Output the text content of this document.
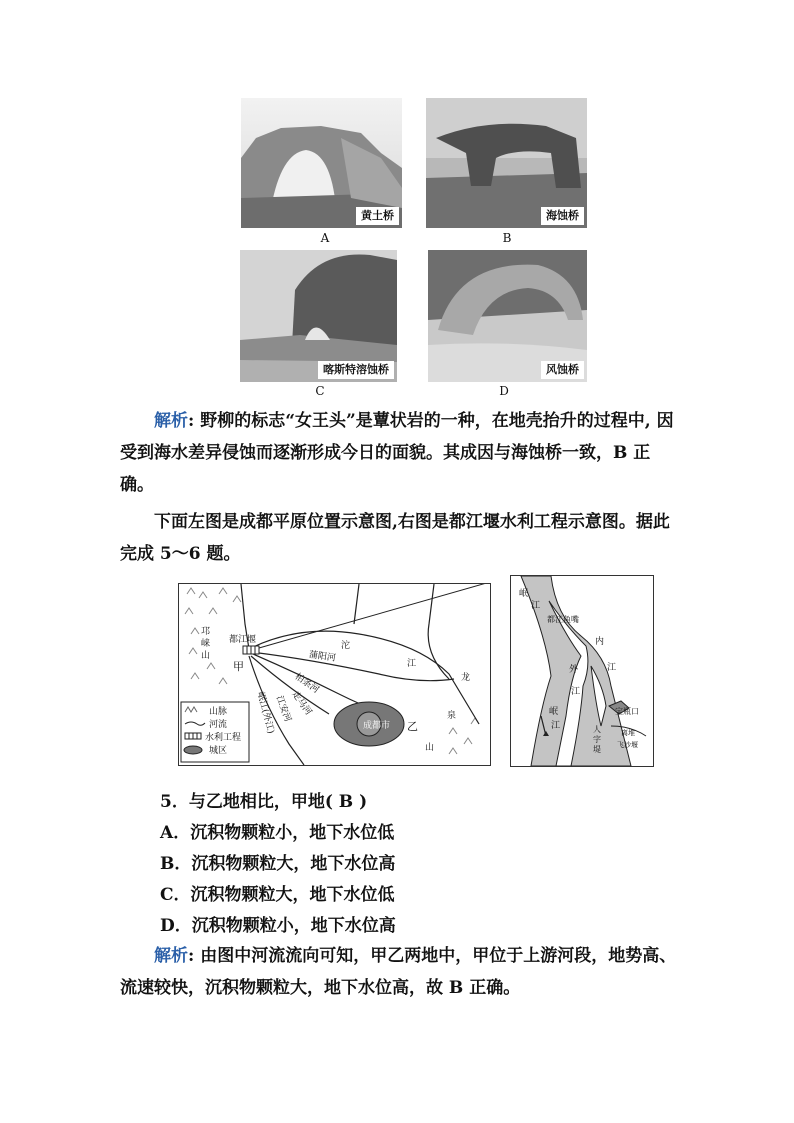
黄土桥
A
海蚀桥
B
喀斯特溶蚀桥
C
风蚀桥
D

解析: 野柳的标志“女王头”是蕈状岩的一种，在地壳抬升的过程中, 因受到海水差异侵蚀而逐渐形成今日的面貌。其成因与海蚀桥一致，B 正确。

下面左图是成都平原位置示意图,右图是都江堰水利工程示意图。据此完成 5～6 题。

邛
崃
山
都江堰
甲
沱
江
龙
泉
山
乙
成都市
蒲阳河
柏条河
走马河
江安河
岷江(外江)
山脉
河流
水利工程
城区
岷
江
都江鱼嘴
内
江
外
江
岷
江
宝瓶口
人
字
堤
离堆
飞沙堰
5．与乙地相比，甲地( B )
A．沉积物颗粒小，地下水位低
B．沉积物颗粒大，地下水位高
C．沉积物颗粒大，地下水位低
D．沉积物颗粒小，地下水位高

解析: 由图中河流流向可知，甲乙两地中，甲位于上游河段，地势高、流速较快，沉积物颗粒大，地下水位高，故 B 正确。
